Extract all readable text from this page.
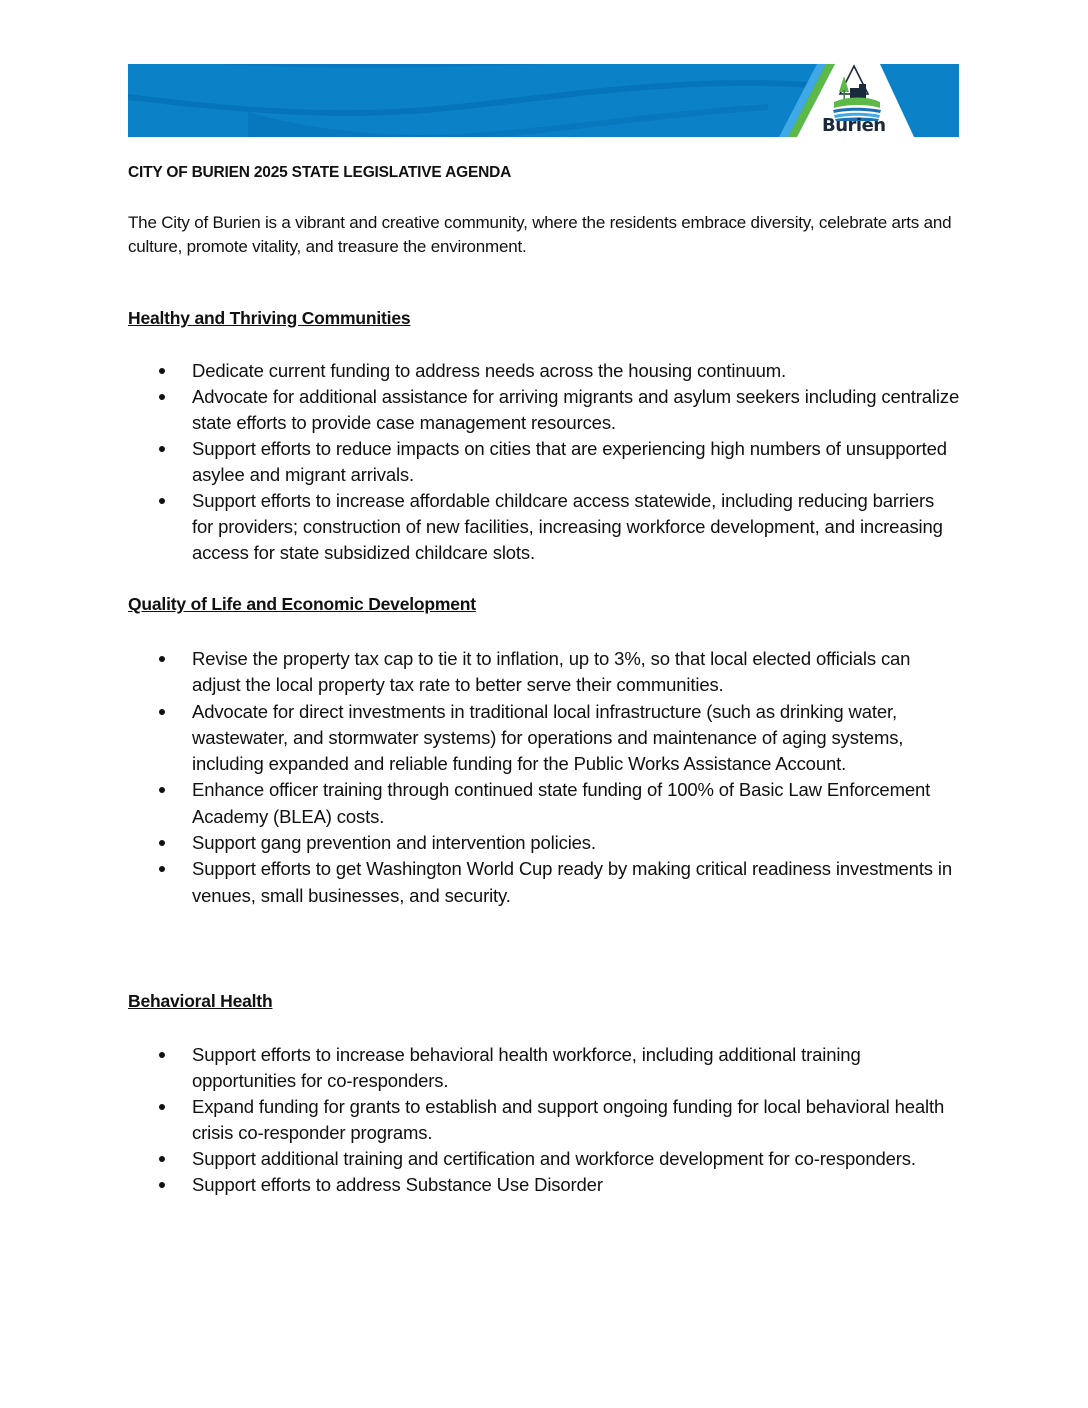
Burien
CITY OF BURIEN 2025 STATE LEGISLATIVE AGENDA
The City of Burien is a vibrant and creative community, where the residents embrace diversity, celebrate arts and culture, promote vitality, and treasure the environment.
Healthy and Thriving Communities
Dedicate current funding to address needs across the housing continuum.
Advocate for additional assistance for arriving migrants and asylum seekers including centralize state efforts to provide case management resources.
Support efforts to reduce impacts on cities that are experiencing high numbers of unsupported asylee and migrant arrivals.
Support efforts to increase affordable childcare access statewide, including reducing barriers for providers; construction of new facilities, increasing workforce development, and increasing access for state subsidized childcare slots.
Quality of Life and Economic Development
Revise the property tax cap to tie it to inflation, up to 3%, so that local elected officials can adjust the local property tax rate to better serve their communities.
Advocate for direct investments in traditional local infrastructure (such as drinking water, wastewater, and stormwater systems) for operations and maintenance of aging systems, including expanded and reliable funding for the Public Works Assistance Account.
Enhance officer training through continued state funding of 100% of Basic Law Enforcement Academy (BLEA) costs.
Support gang prevention and intervention policies.
Support efforts to get Washington World Cup ready by making critical readiness investments in venues, small businesses, and security.
Behavioral Health
Support efforts to increase behavioral health workforce, including additional training opportunities for co-responders.
Expand funding for grants to establish and support ongoing funding for local behavioral health crisis co-responder programs.
Support additional training and certification and workforce development for co-responders.
Support efforts to address Substance Use Disorder
